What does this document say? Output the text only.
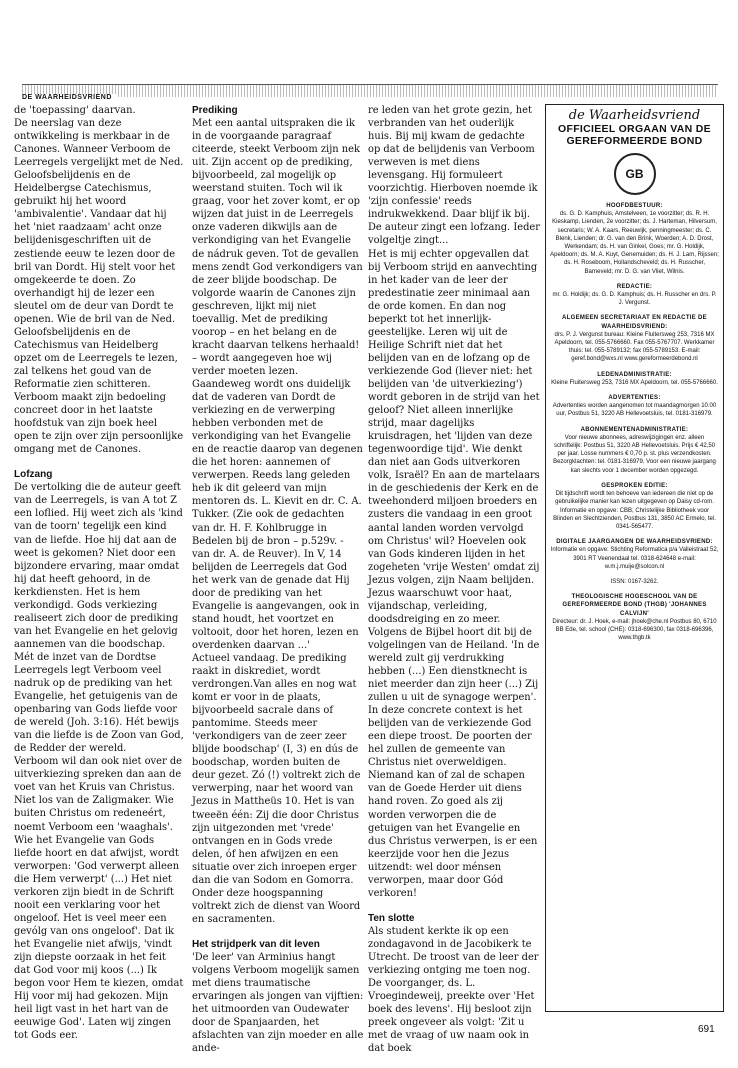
DE WAARHEIDSVRIEND

de 'toepassing' daarvan.

De neerslag van deze ontwikkeling is merkbaar in de Canones. Wanneer Verboom de Leerregels vergelijkt met de Ned. Geloofsbelijdenis en de Heidelbergse Catechismus, gebruikt hij het woord 'ambivalentie'. Vandaar dat hij het 'niet raadzaam' acht onze belijdenisgeschriften uit de zestiende eeuw te lezen door de bril van Dordt. Hij stelt voor het omgekeerde te doen. Zo overhandigt hij de lezer een sleutel om de deur van Dordt te openen. Wie de bril van de Ned. Geloofsbelijdenis en de Catechismus van Heidelberg opzet om de Leerregels te lezen, zal telkens het goud van de Reformatie zien schitteren.

Verboom maakt zijn bedoeling concreet door in het laatste hoofdstuk van zijn boek heel open te zijn over zijn persoonlijke omgang met de Canones.

Lofzang

De vertolking die de auteur geeft van de Leerregels, is van A tot Z een loflied. Hij weet zich als 'kind van de toorn' tegelijk een kind van de liefde. Hoe hij dat aan de weet is gekomen? Niet door een bijzondere ervaring, maar omdat hij dat heeft gehoord, in de kerkdiensten. Het is hem verkondigd. Gods verkiezing realiseert zich door de prediking van het Evangelie en het gelovig aannemen van die boodschap. Mét de inzet van de Dordtse Leerregels legt Verboom veel nadruk op de prediking van het Evangelie, het getuigenis van de openbaring van Gods liefde voor de wereld (Joh. 3:16). Hét bewijs van die liefde is de Zoon van God, de Redder der wereld.

Verboom wil dan ook niet over de uitverkiezing spreken dan aan de voet van het Kruis van Christus. Niet los van de Zaligmaker. Wie buiten Christus om redeneért, noemt Verboom een 'waaghals'.

Wie het Evangelie van Gods liefde hoort en dat afwijst, wordt verworpen: 'God verwerpt alleen die Hem verwerpt' (...) Het niet verkoren zijn biedt in de Schrift nooit een verklaring voor het ongeloof. Het is veel meer een gevólg van ons ongeloof'. Dat ik het Evangelie niet afwijs, 'vindt zijn diepste oorzaak in het feit dat God voor mij koos (...) Ik begon voor Hem te kiezen, omdat Hij voor mij had gekozen. Mijn heil ligt vast in het hart van de eeuwige God'. Laten wij zingen tot Gods eer.

Prediking

Met een aantal uitspraken die ik in de voorgaande paragraaf citeerde, steekt Verboom zijn nek uit. Zijn accent op de prediking, bijvoorbeeld, zal mogelijk op weerstand stuiten. Toch wil ik graag, voor het zover komt, er op wijzen dat juist in de Leerregels onze vaderen dikwijls aan de verkondiging van het Evangelie de nádruk geven. Tot de gevallen mens zendt God verkondigers van de zeer blijde boodschap. De volgorde waarin de Canones zijn geschreven, lijkt mij niet toevallig. Met de prediking voorop – en het belang en de kracht daarvan telkens herhaald! – wordt aangegeven hoe wij verder moeten lezen.

Gaandeweg wordt ons duidelijk dat de vaderen van Dordt de verkiezing en de verwerping hebben verbonden met de verkondiging van het Evangelie en de reactie daarop van degenen die het horen: aannemen of verwerpen. Reeds lang geleden heb ik dit geleerd van mijn mentoren ds. L. Kievit en dr. C. A. Tukker. (Zie ook de gedachten van dr. H. F. Kohlbrugge in Bedelen bij de bron – p.529v. - van dr. A. de Reuver). In V, 14 belijden de Leerregels dat God het werk van de genade dat Hij door de prediking van het Evangelie is aangevangen, ook in stand houdt, het voortzet en voltooit, door het horen, lezen en overdenken daarvan ...'

Actueel vandaag. De prediking raakt in diskrediet, wordt verdrongen.Van alles en nog wat komt er voor in de plaats, bijvoorbeeld sacrale dans of pantomime. Steeds meer 'verkondigers van de zeer zeer blijde boodschap' (I, 3) en dús de boodschap, worden buiten de deur gezet. Zó (!) voltrekt zich de verwerping, naar het woord van Jezus in Mattheüs 10. Het is van tweeën één: Zij die door Christus zijn uitgezonden met 'vrede' ontvangen en in Gods vrede delen, óf hen afwijzen en een situatie over zich inroepen erger dan die van Sodom en Gomorra. Onder deze hoogspanning voltrekt zich de dienst van Woord en sacramenten.

Het strijdperk van dit leven

'De leer' van Arminius hangt volgens Verboom mogelijk samen met diens traumatische ervaringen als jongen van vijftien: het uitmoorden van Oudewater door de Spanjaarden, het afslachten van zijn moeder en alle ande-

re leden van het grote gezin, het verbranden van het ouderlijk huis. Bij mij kwam de gedachte op dat de belijdenis van Verboom verweven is met diens levensgang. Hij formuleert voorzichtig. Hierboven noemde ik 'zijn confessie' reeds indrukwekkend. Daar blijf ik bij. De auteur zingt een lofzang. Ieder volgeltje zingt...

Het is mij echter opgevallen dat bij Verboom strijd en aanvechting in het kader van de leer der predestinatie zeer minimaal aan de orde komen. En dan nog beperkt tot het innerlijk-geestelijke. Leren wij uit de Heilige Schrift niet dat het belijden van en de lofzang op de verkiezende God (liever niet: het belijden van 'de uitverkiezing') wordt geboren in de strijd van het geloof? Niet alleen innerlijke strijd, maar dagelijks kruisdragen, het 'lijden van deze tegenwoordige tijd'. Wie denkt dan niet aan Gods uitverkoren volk, Israël? En aan de martelaars in de geschiedenis der Kerk en de tweehonderd miljoen broeders en zusters die vandaag in een groot aantal landen worden vervolgd om Christus' wil? Hoevelen ook van Gods kinderen lijden in het zogeheten 'vrije Westen' omdat zij Jezus volgen, zijn Naam belijden. Jezus waarschuwt voor haat, vijandschap, verleiding, doodsdreiging en zo meer. Volgens de Bijbel hoort dit bij de volgelingen van de Heiland. 'In de wereld zult gij verdrukking hebben (...) Een dienstknecht is niet meerder dan zijn heer (...) Zij zullen u uit de synagoge werpen'.

In deze concrete context is het belijden van de verkiezende God een diepe troost. De poorten der hel zullen de gemeente van Christus niet overweldigen. Niemand kan of zal de schapen van de Goede Herder uit diens hand roven. Zo goed als zij worden verworpen die de getuigen van het Evangelie en dus Christus verwerpen, is er een keerzijde voor hen die Jezus uitzendt: wel door ménsen verworpen, maar door Gód verkoren!

Ten slotte

Als student kerkte ik op een zondagavond in de Jacobikerk te Utrecht. De troost van de leer der verkiezing ontging me toen nog. De voorganger, ds. L. Vroegindeweij, preekte over 'Het boek des levens'. Hij besloot zijn preek ongeveer als volgt: 'Zit u met de vraag of uw naam ook in dat boek

de Waarheidsvriend
OFFICIEEL ORGAAN VAN DE GEREFORMEERDE BOND
GB
HOOFDBESTUUR:

ds. G. D. Kamphuis, Amstelveen, 1e voorzitter; ds. R. H. Kieskamp, Lienden, 2e voorzitter; ds. J. Harteman, Hilversum, secretaris; W. A. Kaars, Reeuwijk, penningmeester; ds. C. Blenk, Lienden; dr. G. van den Brink, Woerden; A. D. Drost, Werkendam; ds. H. van Ginkel, Goes; mr. G. Holdijk, Apeldoorn; ds. M. A. Kuyt, Genemuiden; ds. H. J. Lam, Rijssen; ds. H. Roseboom, Hollandscheveld; ds. H. Russcher, Barneveld; mr. D. G. van Vliet, Wilnis.

REDACTIE:

mr. G. Holdijk; ds. G. D. Kamphuis; ds. H. Russcher en drs. P. J. Vergunst.

ALGEMEEN SECRETARIAAT EN REDACTIE DE WAARHEIDSVRIEND:

drs. P. J. Vergunst bureau: Kleine Fluitersweg 253, 7316 MX Apeldoorn, tel. 055-5766660. Fax 055-5767707. Werkkamer thuis: tel. 055-5789132; fax 055-5789153. E-mail: geref.bond@wxs.nl www.gereformeerdebond.nl

LEDENADMINISTRATIE:

Kleine Fluitersweg 253, 7316 MX Apeldoorn, tel. 055-5766660.

ADVERTENTIES:

Advertenties worden aangenomen tot maandagmorgen 10.00 uur, Postbus 51, 3220 AB Hellevoetsluis, tel. 0181-316979.

ABONNEMENTENADMINISTRATIE:

Voor nieuwe abonnees, adreswijzigingen enz. alleen schriftelijk: Postbus 51, 3220 AB Hellevoetsluis. Prijs € 42,50 per jaar. Losse nummers € 0,70 p. st. plus verzendkosten. Bezorgklachten: tel. 0181-316979. Voor een nieuwe jaargang kan slechts voor 1 december worden opgezegd.

GESPROKEN EDITIE:

Dit tijdschrift wordt ten behoeve van iedereen die niet op de gebruikelijke manier kan lezen uitgegeven op Daisy cd-rom. Informatie en opgave: CBB, Christelijke Bibliotheek voor Blinden en Slechtzienden, Postbus 131, 3850 AC Ermelo, tel. 0341-565477.

DIGITALE JAARGANGEN DE WAARHEIDSVRIEND:

Informatie en opgave: Stichting Reformatica p/a Valleistraat 52, 3901 RT Veenendaal tel. 0318-624648 e-mail: w.m.j.muije@solcon.nl

ISSN: 0167-3262.

THEOLOGISCHE HOGESCHOOL VAN DE GEREFORMEERDE BOND (THGB) 'JOHANNES CALVIJN'

Directeur: dr. J. Hoek, e-mail: jhoek@che.nl Postbus 80, 6710 BB Ede, tel. school (CHE): 0318-696300, fax 0318-696396, www.thgb.tk

691
